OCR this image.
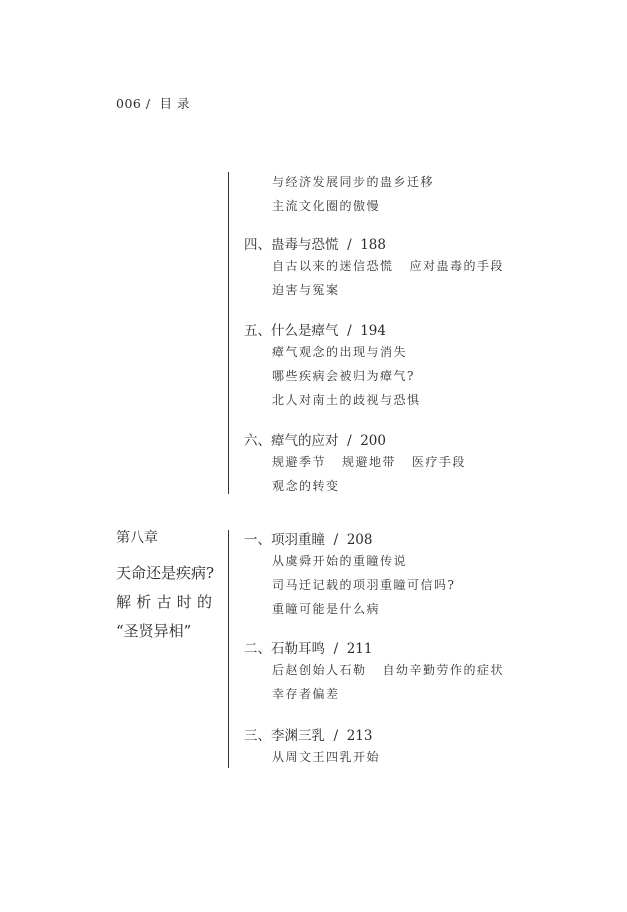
006 /  目 录
与经济发展同步的蛊乡迁移
主流文化圈的傲慢
四、蛊毒与恐慌  /  188
自古以来的迷信恐慌   应对蛊毒的手段
迫害与冤案
五、什么是瘴气  /  194
瘴气观念的出现与消失
哪些疾病会被归为瘴气?
北人对南土的歧视与恐惧
六、瘴气的应对  /  200
规避季节   规避地带   医疗手段
观念的转变
第八章
天命还是疾病?
解 析 古 时 的
“圣贤异相”
一、项羽重瞳  /  208
从虞舜开始的重瞳传说
司马迁记载的项羽重瞳可信吗?
重瞳可能是什么病
二、石勒耳鸣  /  211
后赵创始人石勒   自幼辛勤劳作的症状
幸存者偏差
三、李渊三乳  /  213
从周文王四乳开始
